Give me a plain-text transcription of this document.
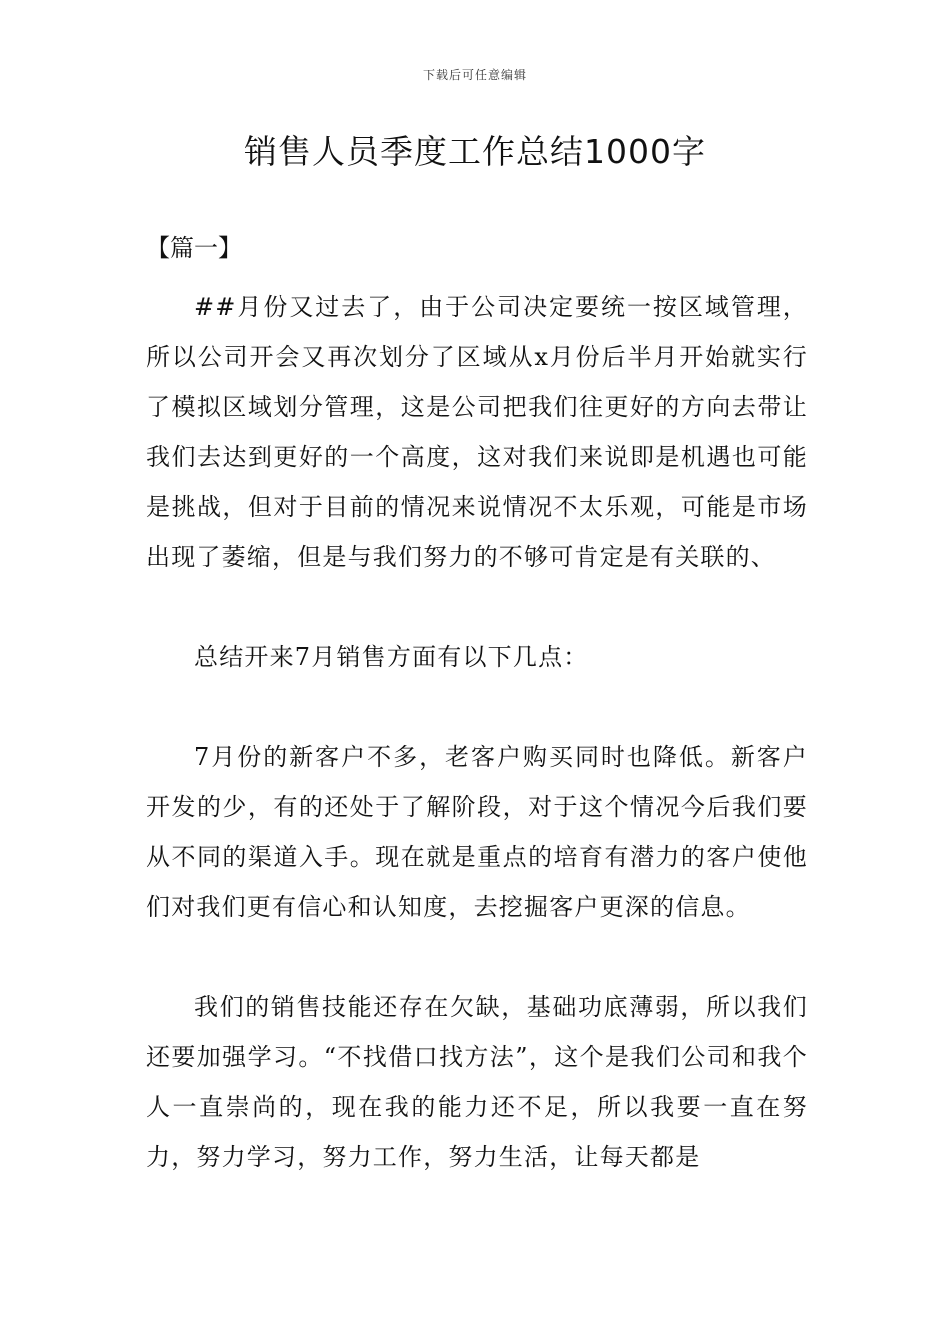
下载后可任意编辑
销售人员季度工作总结1000字
【篇一】

##月份又过去了，由于公司决定要统一按区域管理，所以公司开会又再次划分了区域从x月份后半月开始就实行了模拟区域划分管理，这是公司把我们往更好的方向去带让我们去达到更好的一个高度，这对我们来说即是机遇也可能是挑战，但对于目前的情况来说情况不太乐观，可能是市场出现了萎缩，但是与我们努力的不够可肯定是有关联的、

总结开来7月销售方面有以下几点：

7月份的新客户不多，老客户购买同时也降低。新客户开发的少，有的还处于了解阶段，对于这个情况今后我们要从不同的渠道入手。现在就是重点的培育有潜力的客户使他们对我们更有信心和认知度，去挖掘客户更深的信息。

我们的销售技能还存在欠缺，基础功底薄弱，所以我们还要加强学习。“不找借口找方法”，这个是我们公司和我个人一直崇尚的，现在我的能力还不足，所以我要一直在努力，努力学习，努力工作，努力生活，让每天都是
